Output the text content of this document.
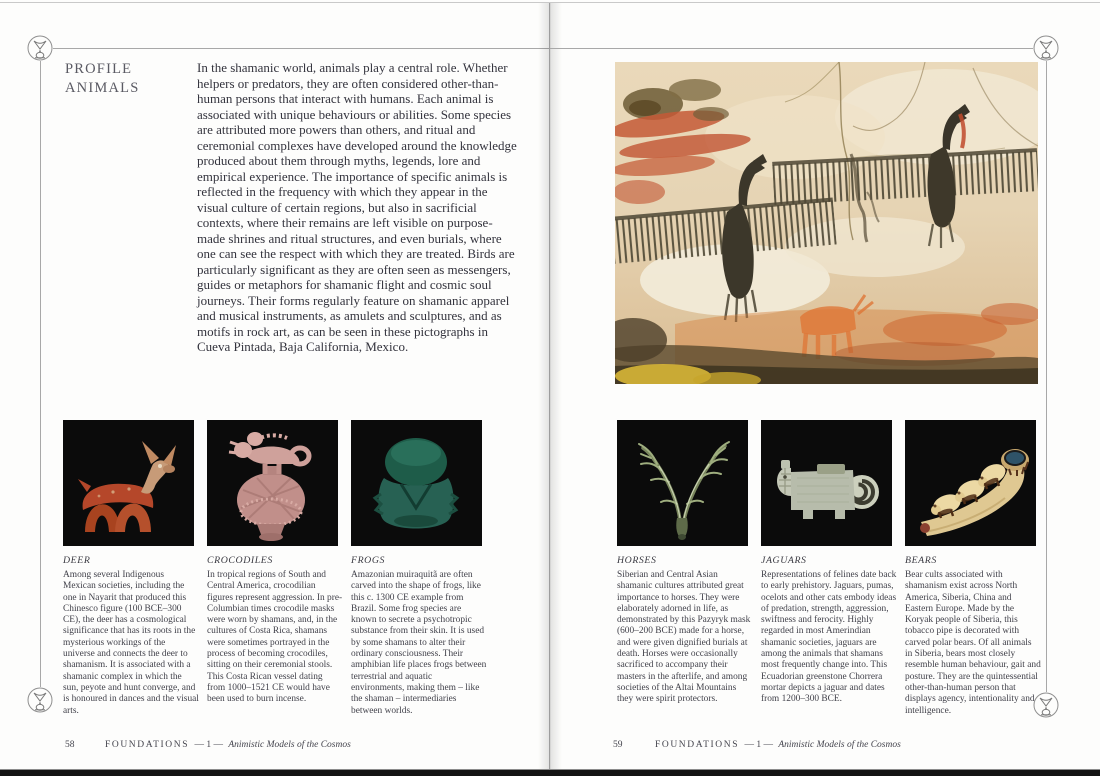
PROFILE
ANIMALS
In the shamanic world, animals play a central role. Whether helpers or predators, they are often considered other-than-human persons that interact with humans. Each animal is associated with unique behaviours or abilities. Some species are attributed more powers than others, and ritual and ceremonial complexes have developed around the knowledge produced about them through myths, legends, lore and empirical experience. The importance of specific animals is reflected in the frequency with which they appear in the visual culture of certain regions, but also in sacrificial contexts, where their remains are left visible on purpose-made shrines and ritual structures, and even burials, where one can see the respect with which they are treated. Birds are particularly significant as they are often seen as messengers, guides or metaphors for shamanic flight and cosmic soul journeys. Their forms regularly feature on shamanic apparel and musical instruments, as amulets and sculptures, and as motifs in rock art, as can be seen in these pictographs in Cueva Pintada, Baja California, Mexico.
DEER
Among several Indigenous Mexican societies, including the one in Nayarit that produced this Chinesco figure (100 BCE–300 CE), the deer has a cosmological significance that has its roots in the mysterious workings of the universe and connects the deer to shamanism. It is associated with a shamanic complex in which the sun, peyote and hunt converge, and is honoured in dances and the visual arts.
CROCODILES
In tropical regions of South and Central America, crocodilian figures represent aggression. In pre-Columbian times crocodile masks were worn by shamans, and, in the cultures of Costa Rica, shamans were sometimes portrayed in the process of becoming crocodiles, sitting on their ceremonial stools. This Costa Rican vessel dating from 1000–1521 CE would have been used to burn incense.
FROGS
Amazonian muiraquitã are often carved into the shape of frogs, like this c. 1300 CE example from Brazil. Some frog species are known to secrete a psychotropic substance from their skin. It is used by some shamans to alter their ordinary consciousness. Their amphibian life places frogs between terrestrial and aquatic environments, making them – like the shaman – intermediaries between worlds.
58	FOUNDATIONS — 1 — Animistic Models of the Cosmos
HORSES
Siberian and Central Asian shamanic cultures attributed great importance to horses. They were elaborately adorned in life, as demonstrated by this Pazyryk mask (600–200 BCE) made for a horse, and were given dignified burials at death. Horses were occasionally sacrificed to accompany their masters in the afterlife, and among societies of the Altai Mountains they were spirit protectors.
JAGUARS
Representations of felines date back to early prehistory. Jaguars, pumas, ocelots and other cats embody ideas of predation, strength, aggression, swiftness and ferocity. Highly regarded in most Amerindian shamanic societies, jaguars are among the animals that shamans most frequently change into. This Ecuadorian greenstone Chorrera mortar depicts a jaguar and dates from 1200–300 BCE.
BEARS
Bear cults associated with shamanism exist across North America, Siberia, China and Eastern Europe. Made by the Koryak people of Siberia, this tobacco pipe is decorated with carved polar bears. Of all animals in Siberia, bears most closely resemble human behaviour, gait and posture. They are the quintessential other-than-human person that displays agency, intentionality and intelligence.
59	FOUNDATIONS — 1 — Animistic Models of the Cosmos
